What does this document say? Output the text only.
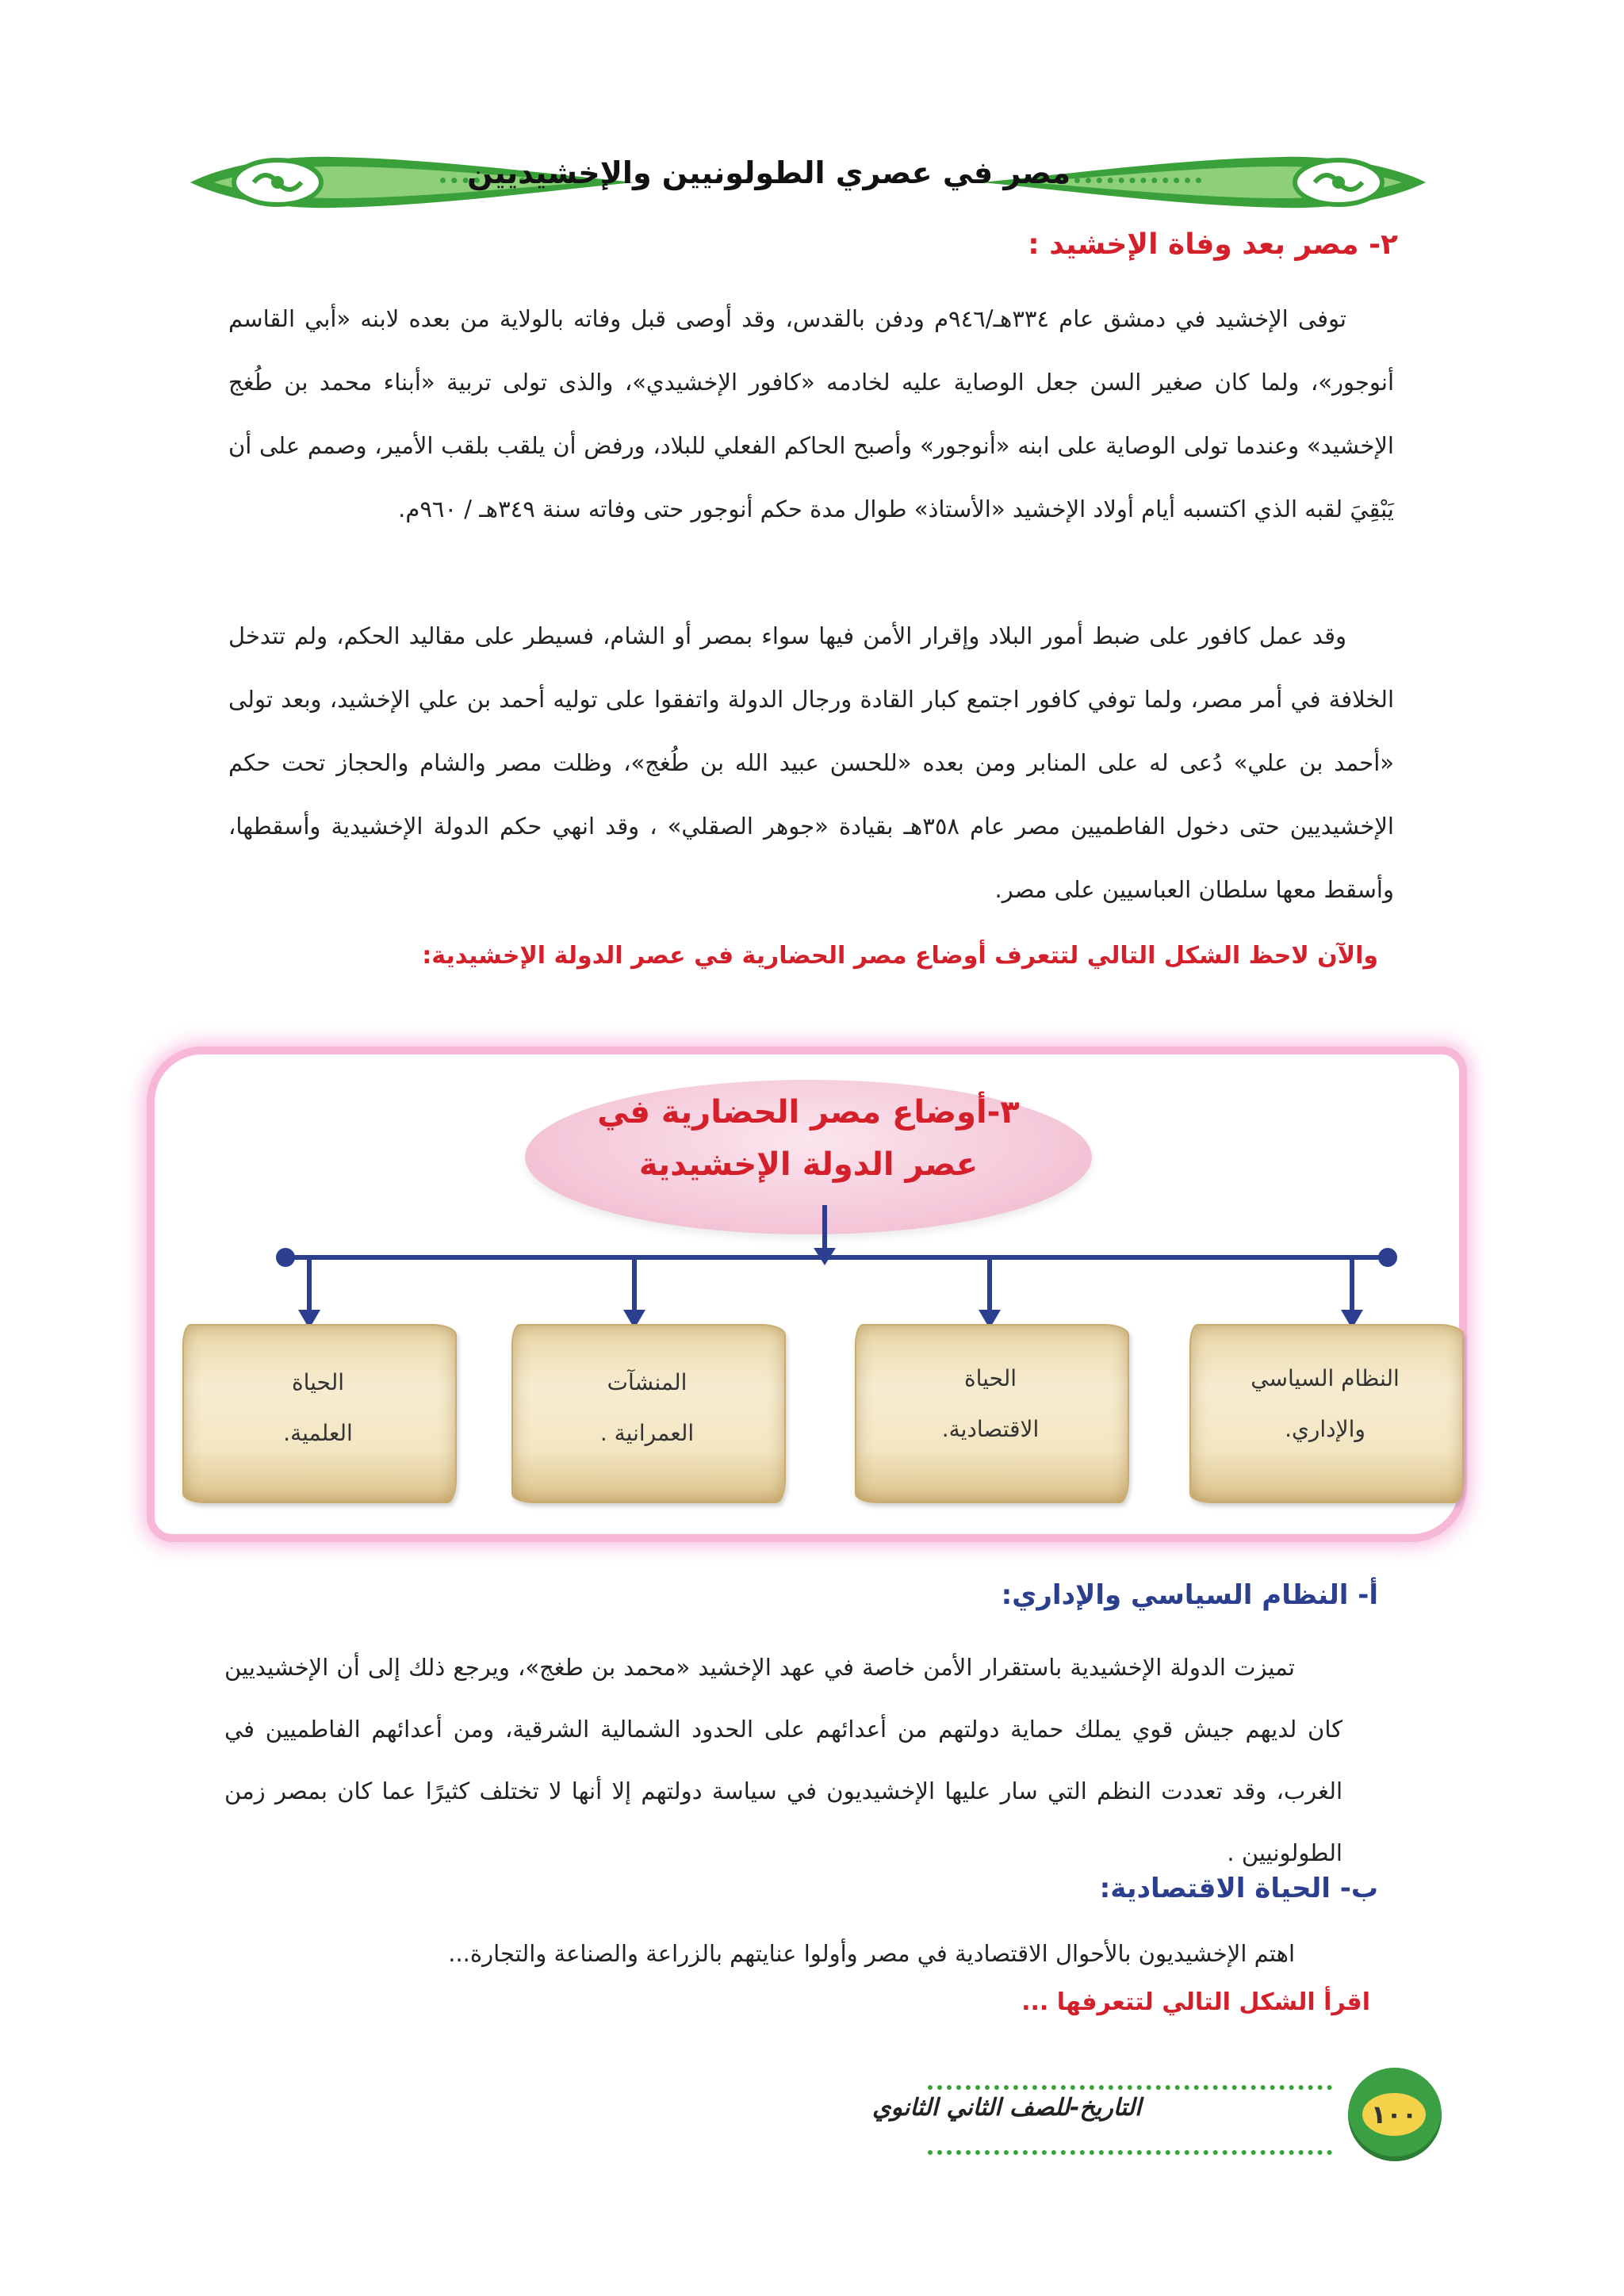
مصر في عصري الطولونيين والإخشيديين
٢- مصر بعد وفاة الإخشيد :

توفى الإخشيد في دمشق عام ٣٣٤هـ/٩٤٦م ودفن بالقدس، وقد أوصى قبل وفاته بالولاية من بعده لابنه «أبي القاسم أنوجور»، ولما كان صغير السن جعل الوصاية عليه لخادمه «كافور الإخشيدي»، والذى تولى تربية «أبناء محمد بن طُغج الإخشيد» وعندما تولى الوصاية على ابنه «أنوجور» وأصبح الحاكم الفعلي للبلاد، ورفض أن يلقب بلقب الأمير، وصمم على أن يَبْقِيَ لقبه الذي اكتسبه أيام أولاد الإخشيد «الأستاذ» طوال مدة حكم أنوجور حتى وفاته سنة ٣٤٩هـ / ٩٦٠م.

وقد عمل كافور على ضبط أمور البلاد وإقرار الأمن فيها سواء بمصر أو الشام، فسيطر على مقاليد الحكم، ولم تتدخل الخلافة في أمر مصر، ولما توفي كافور اجتمع كبار القادة ورجال الدولة واتفقوا على توليه أحمد بن علي الإخشيد، وبعد تولى «أحمد بن علي» دُعى له على المنابر ومن بعده «للحسن عبيد الله بن طُغج»، وظلت مصر والشام والحجاز تحت حكم الإخشيديين حتى دخول الفاطميين مصر عام ٣٥٨هـ بقيادة «جوهر الصقلي» ، وقد انهي حكم الدولة الإخشيدية وأسقطها، وأسقط معها سلطان العباسيين على مصر.

والآن لاحظ الشكل التالي لتتعرف أوضاع مصر الحضارية في عصر الدولة الإخشيدية:
٣-أوضاع مصر الحضارية في
عصر الدولة الإخشيدية
النظام السياسي
والإداري.
الحياة
الاقتصادية.
المنشآت
العمرانية .
الحياة
العلمية.
أ- النظام السياسي والإداري:

تميزت الدولة الإخشيدية باستقرار الأمن خاصة في عهد الإخشيد «محمد بن طغج»، ويرجع ذلك إلى أن الإخشيديين كان لديهم جيش قوي يملك حماية دولتهم من أعدائهم على الحدود الشمالية الشرقية، ومن أعدائهم الفاطميين في الغرب، وقد تعددت النظم التي سار عليها الإخشيديون في سياسة دولتهم إلا أنها لا تختلف كثيرًا عما كان بمصر زمن الطولونيين .

ب- الحياة الاقتصادية:

اهتم الإخشيديون بالأحوال الاقتصادية في مصر وأولوا عنايتهم بالزراعة والصناعة والتجارة...

اقرأ الشكل التالي لتتعرفها ...
التاريخ-للصف الثاني الثانوي	١٠٠
